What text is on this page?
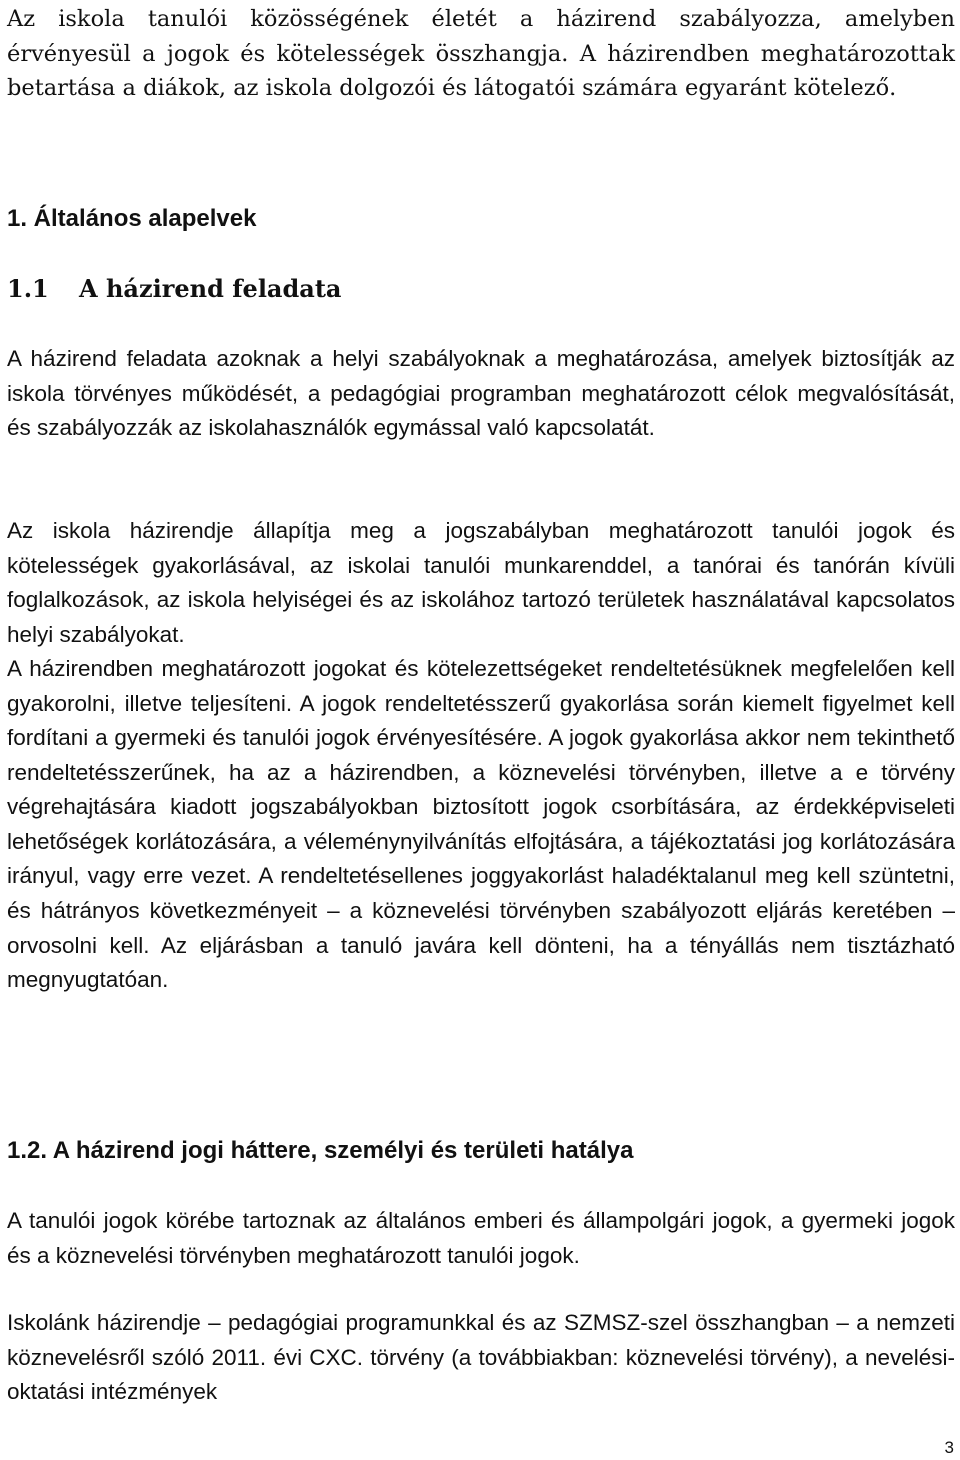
Az iskola tanulói közösségének életét a házirend szabályozza, amelyben érvényesül a jogok és kötelességek összhangja. A házirendben meghatározottak betartása a diákok, az iskola dolgozói és látogatói számára egyaránt kötelező.

1. Általános alapelvek
1.1 A házirend feladata

A házirend feladata azoknak a helyi szabályoknak a meghatározása, amelyek biztosítják az iskola törvényes működését, a pedagógiai programban meghatározott célok megvalósítását, és szabályozzák az iskolahasználók egymással való kapcsolatát.

Az iskola házirendje állapítja meg a jogszabályban meghatározott tanulói jogok és kötelességek gyakorlásával, az iskolai tanulói munkarenddel, a tanórai és tanórán kívüli foglalkozások, az iskola helyiségei és az iskolához tartozó területek használatával kapcsolatos helyi szabályokat.
A házirendben meghatározott jogokat és kötelezettségeket rendeltetésüknek megfelelően kell gyakorolni, illetve teljesíteni. A jogok rendeltetésszerű gyakorlása során kiemelt figyelmet kell fordítani a gyermeki és tanulói jogok érvényesítésére. A jogok gyakorlása akkor nem tekinthető rendeltetésszerűnek, ha az a házirendben, a köznevelési törvényben, illetve a e törvény végrehajtására kiadott jogszabályokban biztosított jogok csorbítására, az érdekképviseleti lehetőségek korlátozására, a véleménynyilvánítás elfojtására, a tájékoztatási jog korlátozására irányul, vagy erre vezet. A rendeltetésellenes joggyakorlást haladéktalanul meg kell szüntetni, és hátrányos következményeit – a köznevelési törvényben szabályozott eljárás keretében – orvosolni kell. Az eljárásban a tanuló javára kell dönteni, ha a tényállás nem tisztázható megnyugtatóan.
1.2. A házirend jogi háttere, személyi és területi hatálya

A tanulói jogok körébe tartoznak az általános emberi és állampolgári jogok, a gyermeki jogok és a köznevelési törvényben meghatározott tanulói jogok.

Iskolánk házirendje – pedagógiai programunkkal és az SZMSZ-szel összhangban – a nemzeti köznevelésről szóló 2011. évi CXC. törvény (a továbbiakban: köznevelési törvény), a nevelési-oktatási intézmények

3
